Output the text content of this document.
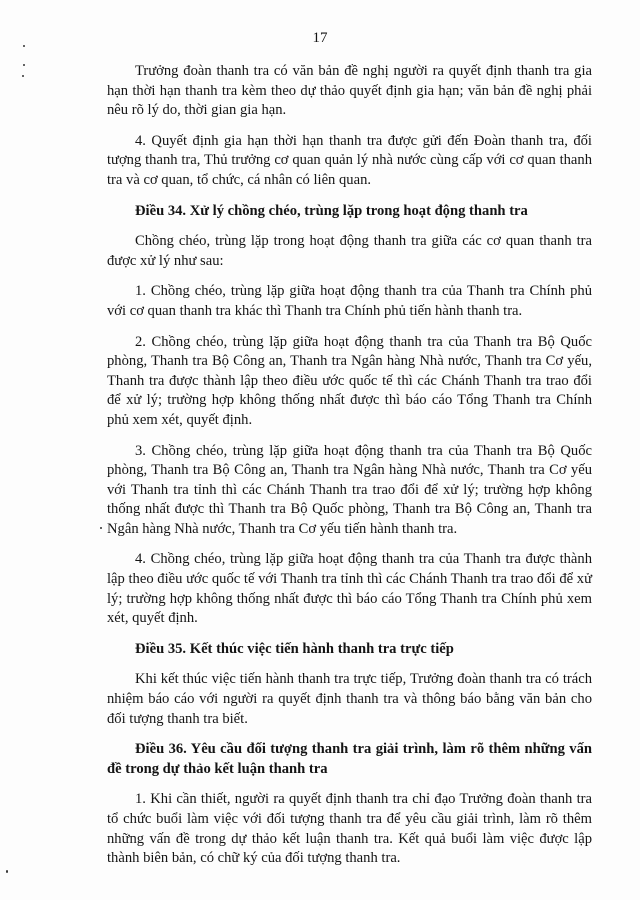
17

Trưởng đoàn thanh tra có văn bản đề nghị người ra quyết định thanh tra gia hạn thời hạn thanh tra kèm theo dự thảo quyết định gia hạn; văn bản đề nghị phải nêu rõ lý do, thời gian gia hạn.

4. Quyết định gia hạn thời hạn thanh tra được gửi đến Đoàn thanh tra, đối tượng thanh tra, Thủ trưởng cơ quan quản lý nhà nước cùng cấp với cơ quan thanh tra và cơ quan, tổ chức, cá nhân có liên quan.

Điều 34. Xử lý chồng chéo, trùng lặp trong hoạt động thanh tra

Chồng chéo, trùng lặp trong hoạt động thanh tra giữa các cơ quan thanh tra được xử lý như sau:

1. Chồng chéo, trùng lặp giữa hoạt động thanh tra của Thanh tra Chính phủ với cơ quan thanh tra khác thì Thanh tra Chính phủ tiến hành thanh tra.

2. Chồng chéo, trùng lặp giữa hoạt động thanh tra của Thanh tra Bộ Quốc phòng, Thanh tra Bộ Công an, Thanh tra Ngân hàng Nhà nước, Thanh tra Cơ yếu, Thanh tra được thành lập theo điều ước quốc tế thì các Chánh Thanh tra trao đổi để xử lý; trường hợp không thống nhất được thì báo cáo Tổng Thanh tra Chính phủ xem xét, quyết định.

3. Chồng chéo, trùng lặp giữa hoạt động thanh tra của Thanh tra Bộ Quốc phòng, Thanh tra Bộ Công an, Thanh tra Ngân hàng Nhà nước, Thanh tra Cơ yếu với Thanh tra tỉnh thì các Chánh Thanh tra trao đổi để xử lý; trường hợp không thống nhất được thì Thanh tra Bộ Quốc phòng, Thanh tra Bộ Công an, Thanh tra Ngân hàng Nhà nước, Thanh tra Cơ yếu tiến hành thanh tra.

4. Chồng chéo, trùng lặp giữa hoạt động thanh tra của Thanh tra được thành lập theo điều ước quốc tế với Thanh tra tỉnh thì các Chánh Thanh tra trao đổi để xử lý; trường hợp không thống nhất được thì báo cáo Tổng Thanh tra Chính phủ xem xét, quyết định.

Điều 35. Kết thúc việc tiến hành thanh tra trực tiếp

Khi kết thúc việc tiến hành thanh tra trực tiếp, Trưởng đoàn thanh tra có trách nhiệm báo cáo với người ra quyết định thanh tra và thông báo bằng văn bản cho đối tượng thanh tra biết.

Điều 36. Yêu cầu đối tượng thanh tra giải trình, làm rõ thêm những vấn đề trong dự thảo kết luận thanh tra

1. Khi cần thiết, người ra quyết định thanh tra chỉ đạo Trưởng đoàn thanh tra tổ chức buổi làm việc với đối tượng thanh tra để yêu cầu giải trình, làm rõ thêm những vấn đề trong dự thảo kết luận thanh tra. Kết quả buổi làm việc được lập thành biên bản, có chữ ký của đối tượng thanh tra.
